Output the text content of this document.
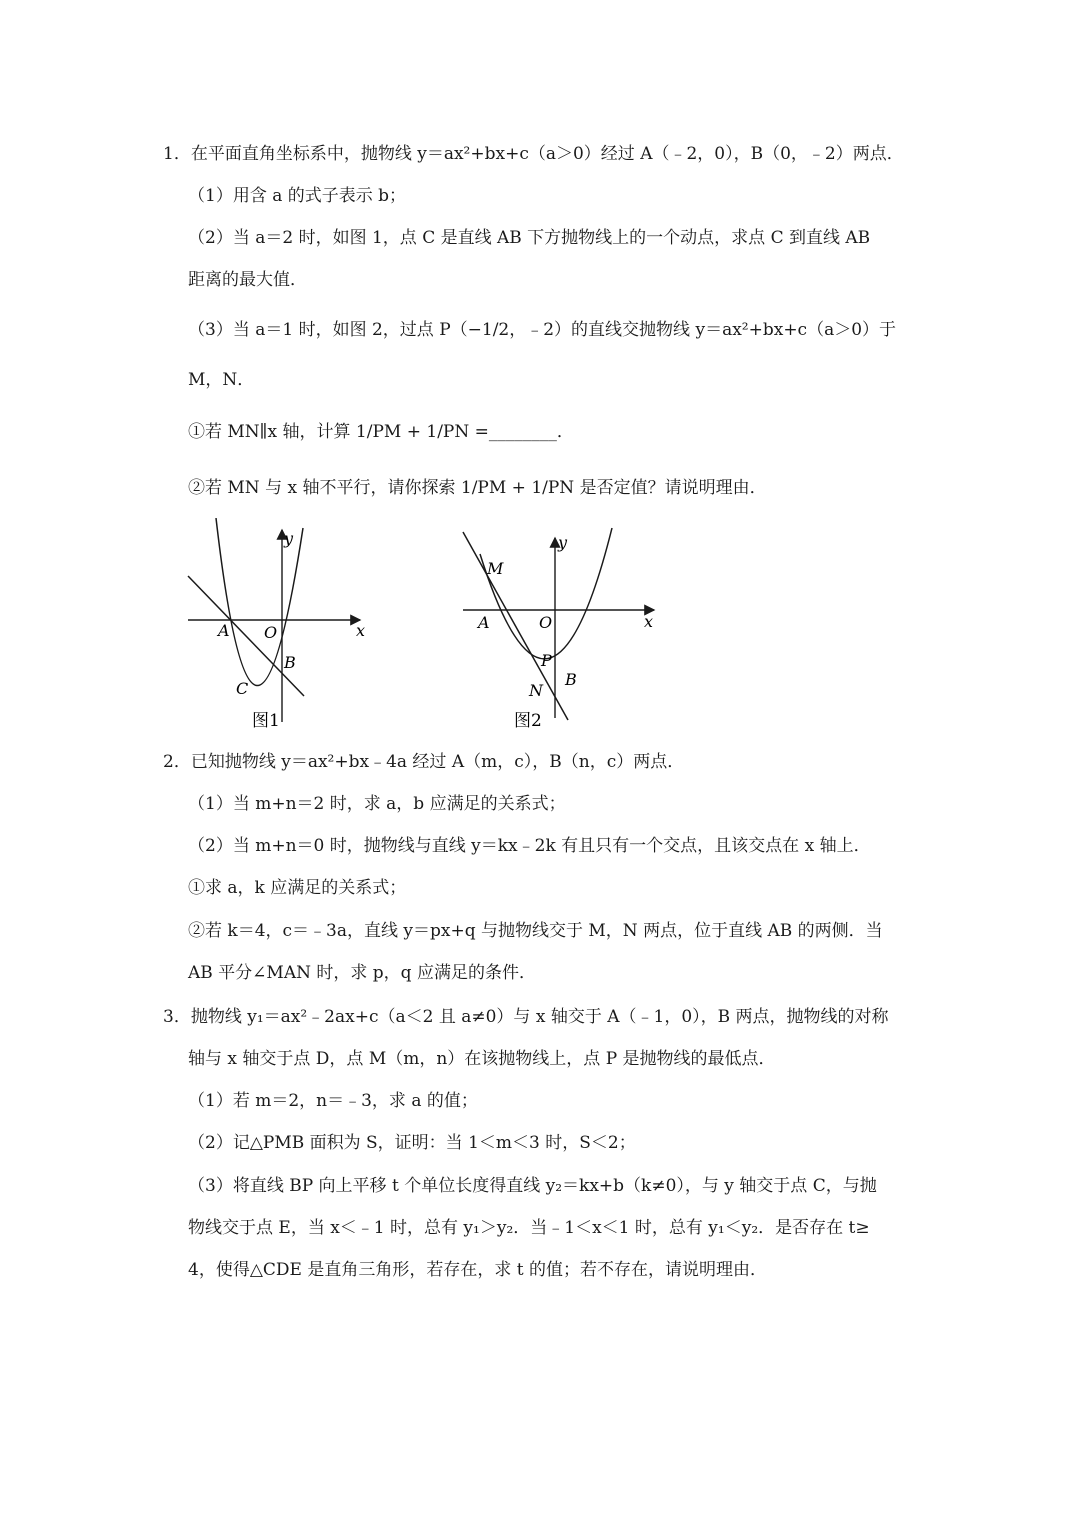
1．在平面直角坐标系中，抛物线 y＝ax²+bx+c（a＞0）经过 A（﹣2，0），B（0，﹣2）两点．
（1）用含 a 的式子表示 b；
（2）当 a＝2 时，如图 1，点 C 是直线 AB 下方抛物线上的一个动点，求点 C 到直线 AB
距离的最大值．
（3）当 a＝1 时，如图 2，过点 P（−1/2，﹣2）的直线交抛物线 y＝ax²+bx+c（a＞0）于
M，N．
①若 MN∥x 轴，计算 1/PM + 1/PN =________．
②若 MN 与 x 轴不平行，请你探索 1/PM + 1/PN 是否定值？请说明理由．
y
x
A O
B
C
图1
y
x
M
A	O
P
N
B
图2
2．已知抛物线 y＝ax²+bx﹣4a 经过 A（m，c），B（n，c）两点．
（1）当 m+n＝2 时，求 a，b 应满足的关系式；
（2）当 m+n＝0 时，抛物线与直线 y＝kx﹣2k 有且只有一个交点，且该交点在 x 轴上．
①求 a，k 应满足的关系式；
②若 k＝4，c＝﹣3a，直线 y＝px+q 与抛物线交于 M，N 两点，位于直线 AB 的两侧．当
AB 平分∠MAN 时，求 p，q 应满足的条件．
3．抛物线 y₁＝ax²﹣2ax+c（a＜2 且 a≠0）与 x 轴交于 A（﹣1，0），B 两点，抛物线的对称
轴与 x 轴交于点 D，点 M（m，n）在该抛物线上，点 P 是抛物线的最低点．
（1）若 m＝2，n＝﹣3，求 a 的值；
（2）记△PMB 面积为 S，证明：当 1＜m＜3 时，S＜2；
（3）将直线 BP 向上平移 t 个单位长度得直线 y₂＝kx+b（k≠0），与 y 轴交于点 C，与抛
物线交于点 E，当 x＜﹣1 时，总有 y₁＞y₂．当﹣1＜x＜1 时，总有 y₁＜y₂．是否存在 t≥
4，使得△CDE 是直角三角形，若存在，求 t 的值；若不存在，请说明理由．
